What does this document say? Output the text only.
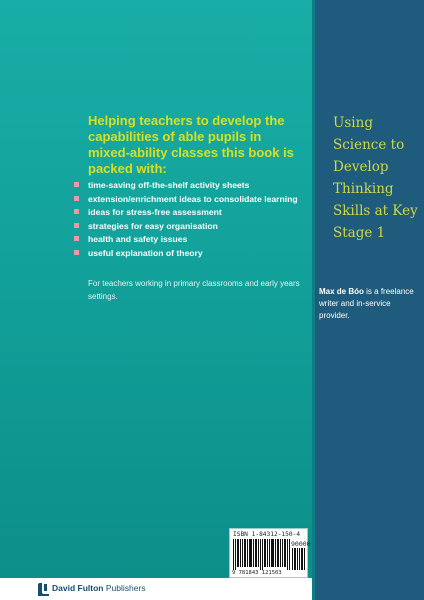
Helping teachers to develop the capabilities of able pupils in mixed-ability classes this book is packed with:
time-saving off-the-shelf activity sheets
extension/enrichment ideas to consolidate learning
ideas for stress-free assessment
strategies for easy organisation
health and safety issues
useful explanation of theory
For teachers working in primary classrooms and early years settings.
Using Science to Develop Thinking Skills at Key Stage 1
Max de Bóo is a freelance writer and in-service provider.
ISBN 1-84312-150-4
90000
9 781843 121503
David Fulton Publishers
